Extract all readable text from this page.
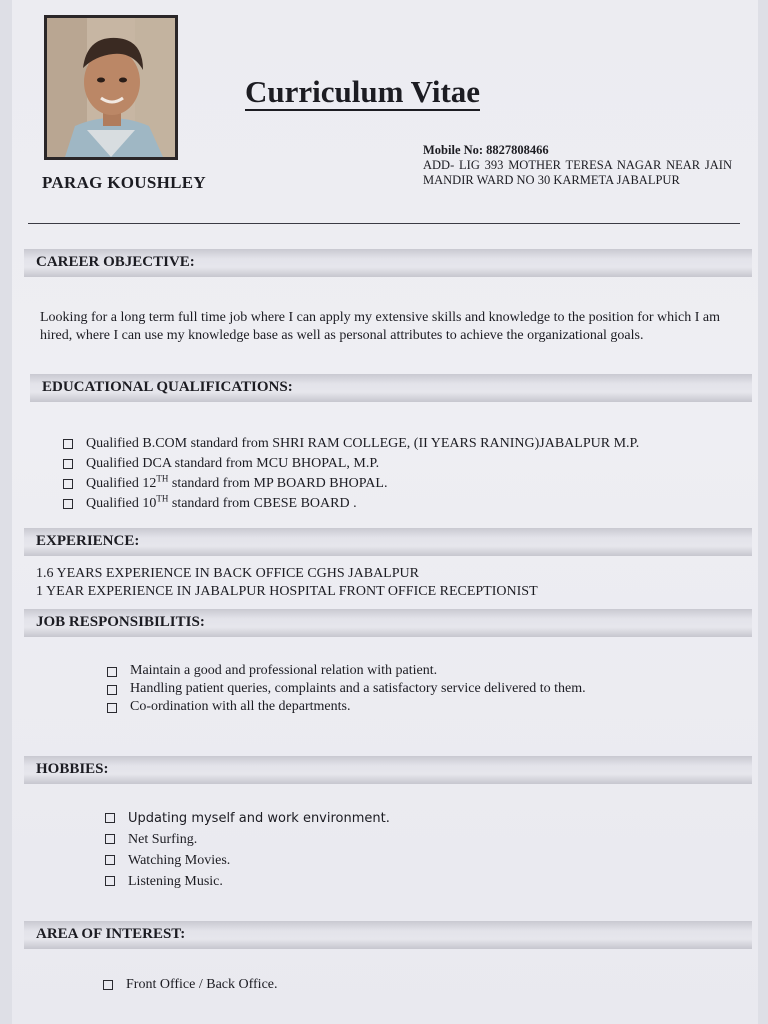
PARAG KOUSHLEY
Curriculum Vitae
Mobile No: 8827808466
ADD- LIG 393 MOTHER TERESA NAGAR NEAR JAIN MANDIR WARD NO 30 KARMETA JABALPUR
CAREER OBJECTIVE:
Looking for a long term full time job where I can apply my extensive skills and knowledge to the position for which I am hired, where I can use my knowledge base as well as personal attributes to achieve the organizational goals.
EDUCATIONAL QUALIFICATIONS:
Qualified B.COM standard from SHRI RAM COLLEGE, (II YEARS RANING)JABALPUR M.P.
Qualified DCA standard from MCU BHOPAL, M.P.
Qualified 12TH standard from MP BOARD BHOPAL.
Qualified 10TH standard from CBESE BOARD .
EXPERIENCE:
1.6 YEARS EXPERIENCE IN BACK OFFICE CGHS JABALPUR
1 YEAR EXPERIENCE IN JABALPUR HOSPITAL FRONT OFFICE RECEPTIONIST
JOB RESPONSIBILITIS:
Maintain a good and professional relation with patient.
Handling patient queries, complaints and a satisfactory service delivered to them.
Co-ordination with all the departments.
HOBBIES:
Updating myself and work environment.
Net Surfing.
Watching Movies.
Listening Music.
AREA OF INTEREST:
Front Office / Back Office.
